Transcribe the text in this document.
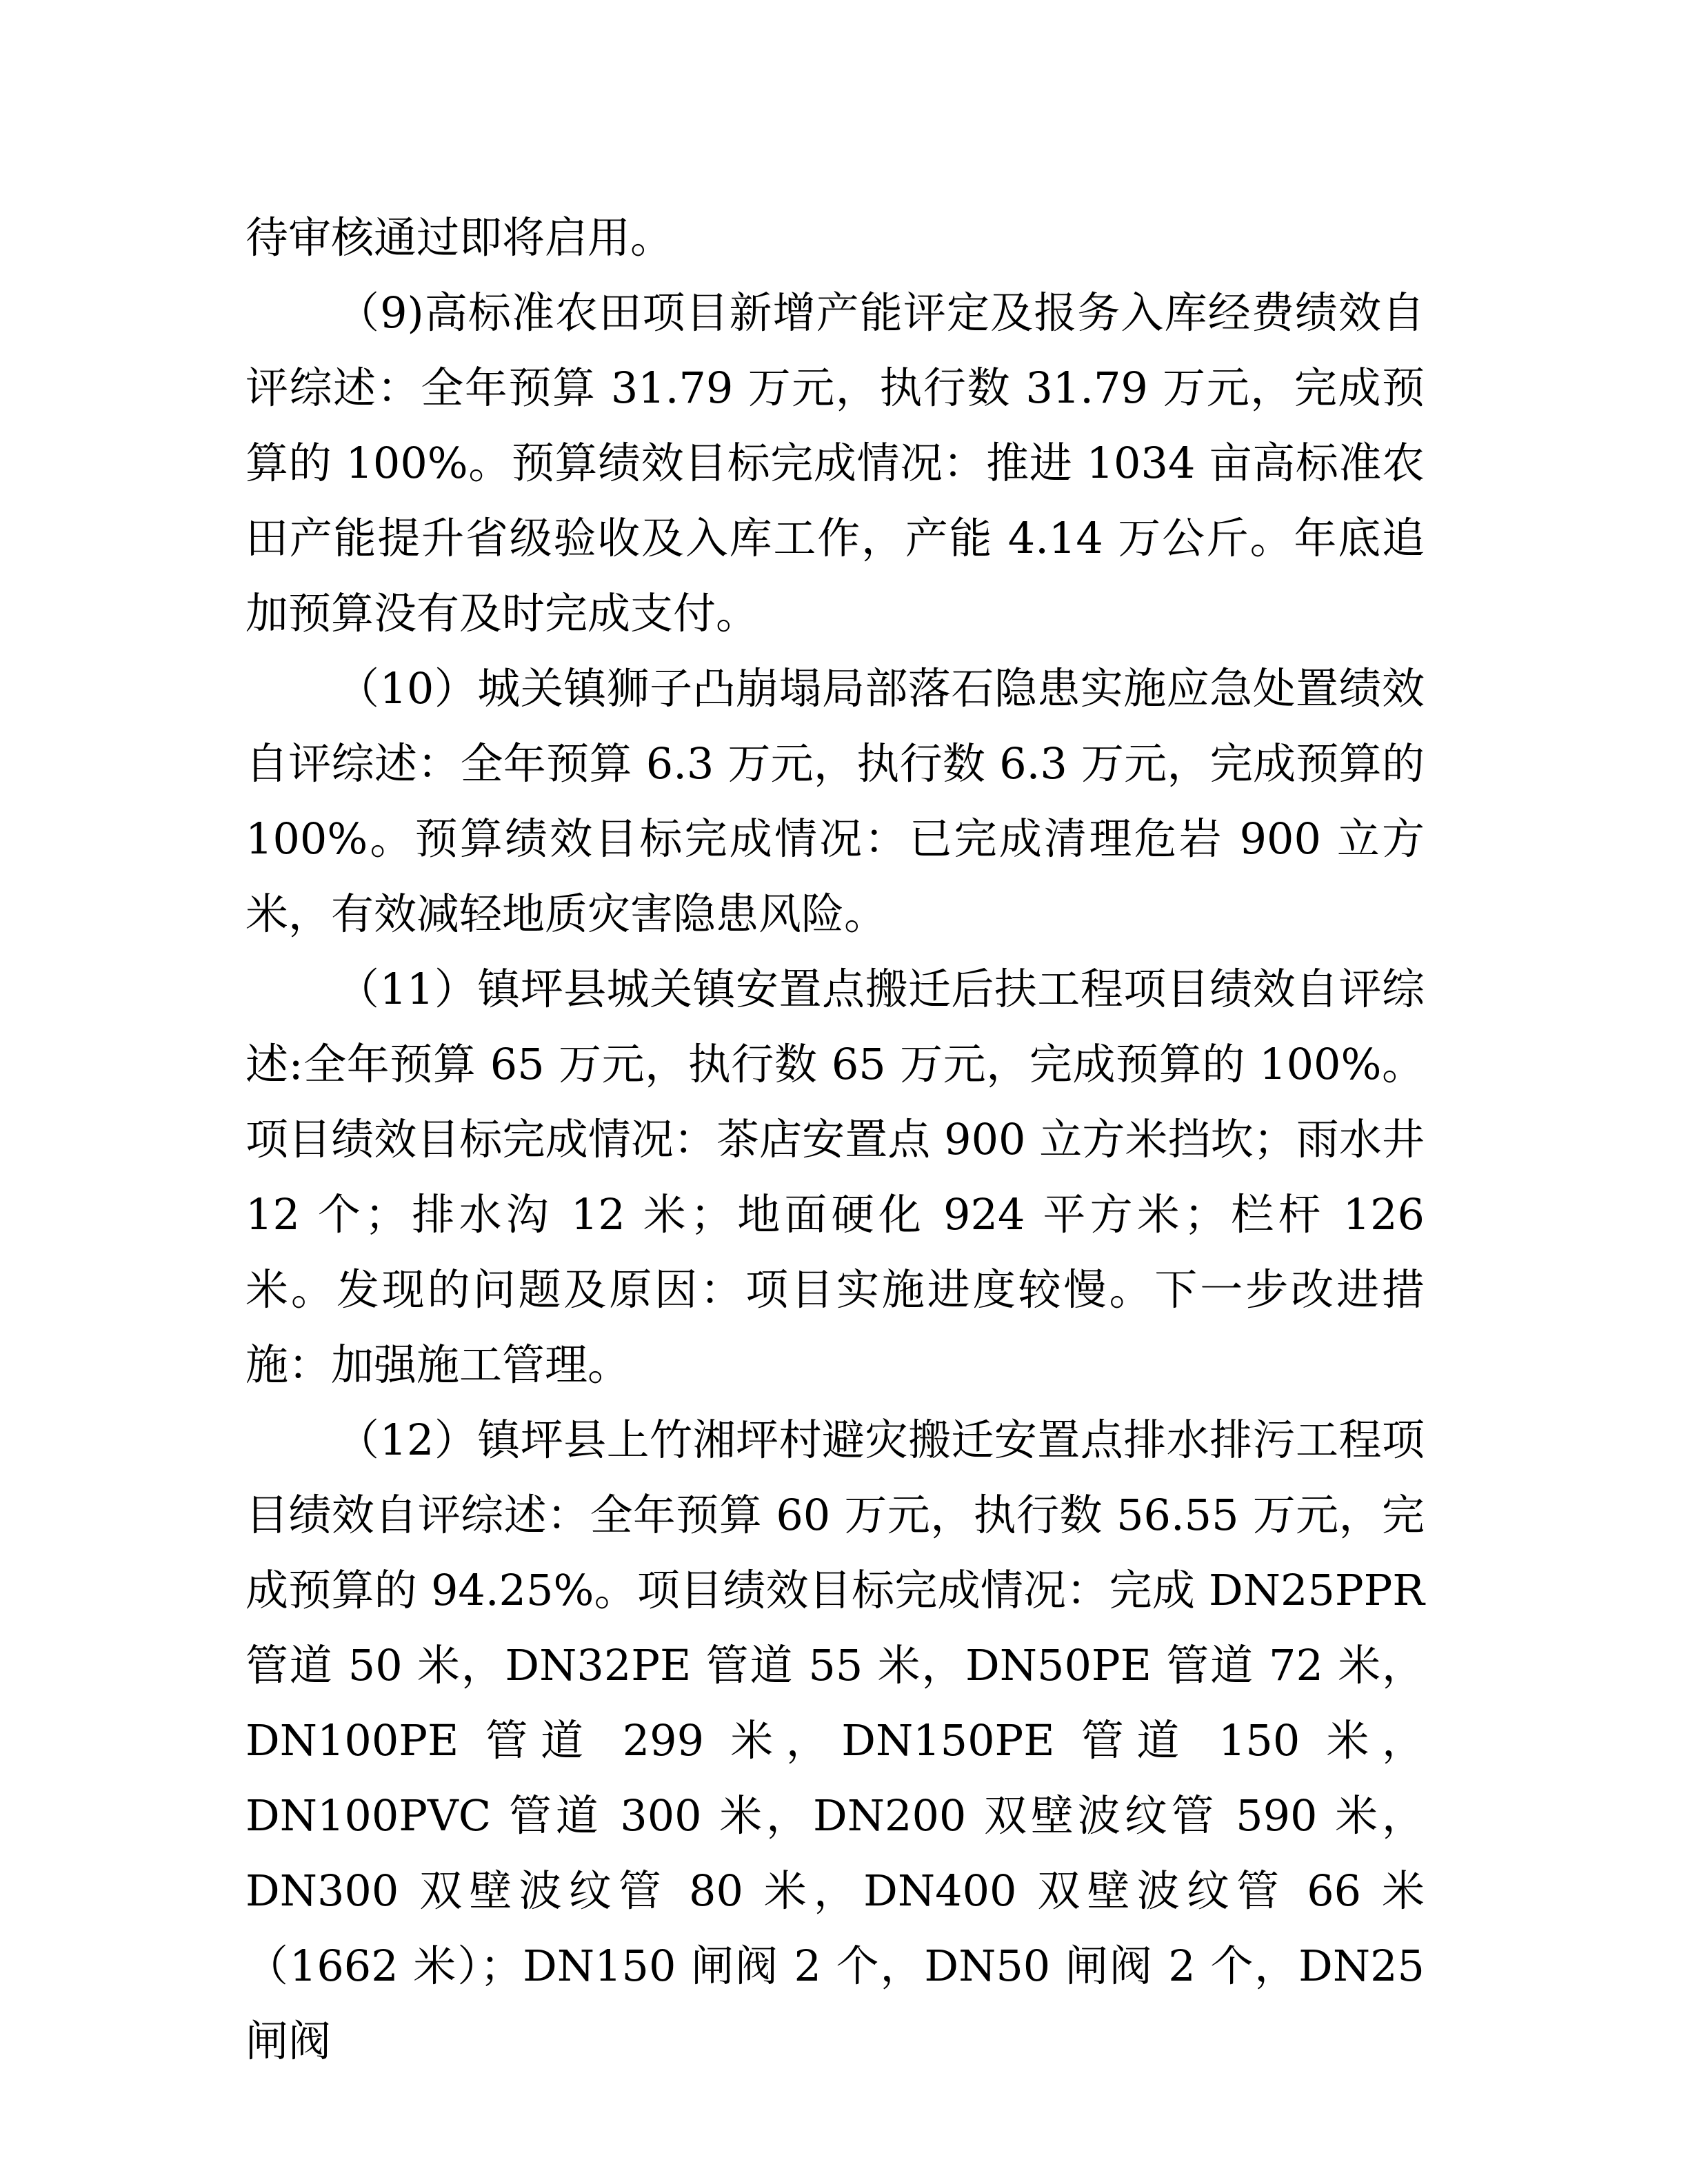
待审核通过即将启用。

（9)高标准农田项目新增产能评定及报务入库经费绩效自评综述：全年预算 31.79 万元，执行数 31.79 万元，完成预算的 100%。预算绩效目标完成情况：推进 1034 亩高标准农田产能提升省级验收及入库工作，产能 4.14 万公斤。年底追加预算没有及时完成支付。

（10）城关镇狮子凸崩塌局部落石隐患实施应急处置绩效自评综述：全年预算 6.3 万元，执行数 6.3 万元，完成预算的 100%。预算绩效目标完成情况：已完成清理危岩 900 立方米，有效减轻地质灾害隐患风险。

（11）镇坪县城关镇安置点搬迁后扶工程项目绩效自评综述:全年预算 65 万元，执行数 65 万元，完成预算的 100%。项目绩效目标完成情况：茶店安置点 900 立方米挡坎；雨水井 12 个；排水沟 12 米；地面硬化 924 平方米；栏杆 126 米。发现的问题及原因：项目实施进度较慢。下一步改进措施：加强施工管理。

（12）镇坪县上竹湘坪村避灾搬迁安置点排水排污工程项目绩效自评综述：全年预算 60 万元，执行数 56.55 万元，完成预算的 94.25%。项目绩效目标完成情况：完成 DN25PPR 管道 50 米，DN32PE 管道 55 米，DN50PE 管道 72 米，DN100PE 管道 299 米，DN150PE 管道 150 米，DN100PVC 管道 300 米，DN200 双壁波纹管 590 米，DN300 双壁波纹管 80 米，DN400 双壁波纹管 66 米（1662 米）；DN150 闸阀 2 个，DN50 闸阀 2 个，DN25 闸阀
